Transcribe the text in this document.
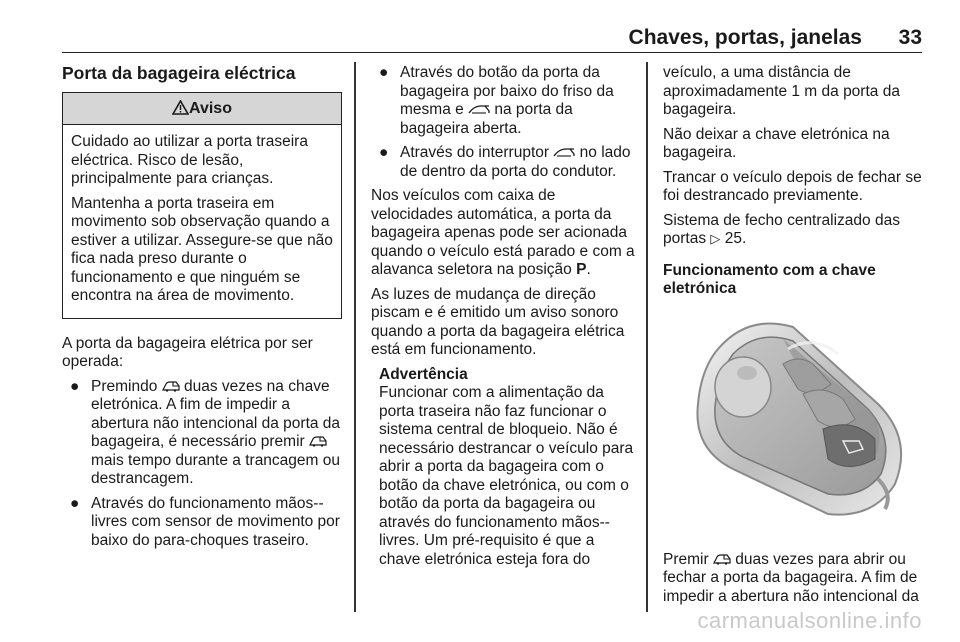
Chaves, portas, janelas 33
Porta da bagageira eléctrica
Aviso

Cuidado ao utilizar a porta traseira eléctrica. Risco de lesão, principalmente para crianças.

Mantenha a porta traseira em movimento sob observação quando a estiver a utilizar. Assegure-se que não fica nada preso durante o funcionamento e que ninguém se encontra na área de movimento.

A porta da bagageira elétrica por ser operada:

● Premindo duas vezes na chave eletrónica. A fim de impedir a abertura não intencional da porta da bagageira, é necessário premir  mais tempo durante a trancagem ou destrancagem.
● Através do funcionamento mãos--livres com sensor de movimento por baixo do para-choques traseiro.
● Através do botão da porta da bagageira por baixo do friso da mesma e na porta da bagageira aberta.
● Através do interruptor no lado de dentro da porta do condutor.

Nos veículos com caixa de velocidades automática, a porta da bagageira apenas pode ser acionada quando o veículo está parado e com a alavanca seletora na posição P.

As luzes de mudança de direção piscam e é emitido um aviso sonoro quando a porta da bagageira elétrica está em funcionamento.

Advertência
Funcionar com a alimentação da porta traseira não faz funcionar o sistema central de bloqueio. Não é necessário destrancar o veículo para abrir a porta da bagageira com o botão da chave eletrónica, ou com o botão da porta da bagageira ou através do funcionamento mãos--livres. Um pré-requisito é que a chave eletrónica esteja fora do
veículo, a uma distância de aproximadamente 1 m da porta da bagageira.
Não deixar a chave eletrónica na bagageira.
Trancar o veículo depois de fechar se foi destrancado previamente.

Sistema de fecho centralizado das portas ▷ 25.

Funcionamento com a chave eletrónica

Premir duas vezes para abrir ou fechar a porta da bagageira. A fim de impedir a abertura não intencional da

carmanualsonline.info
